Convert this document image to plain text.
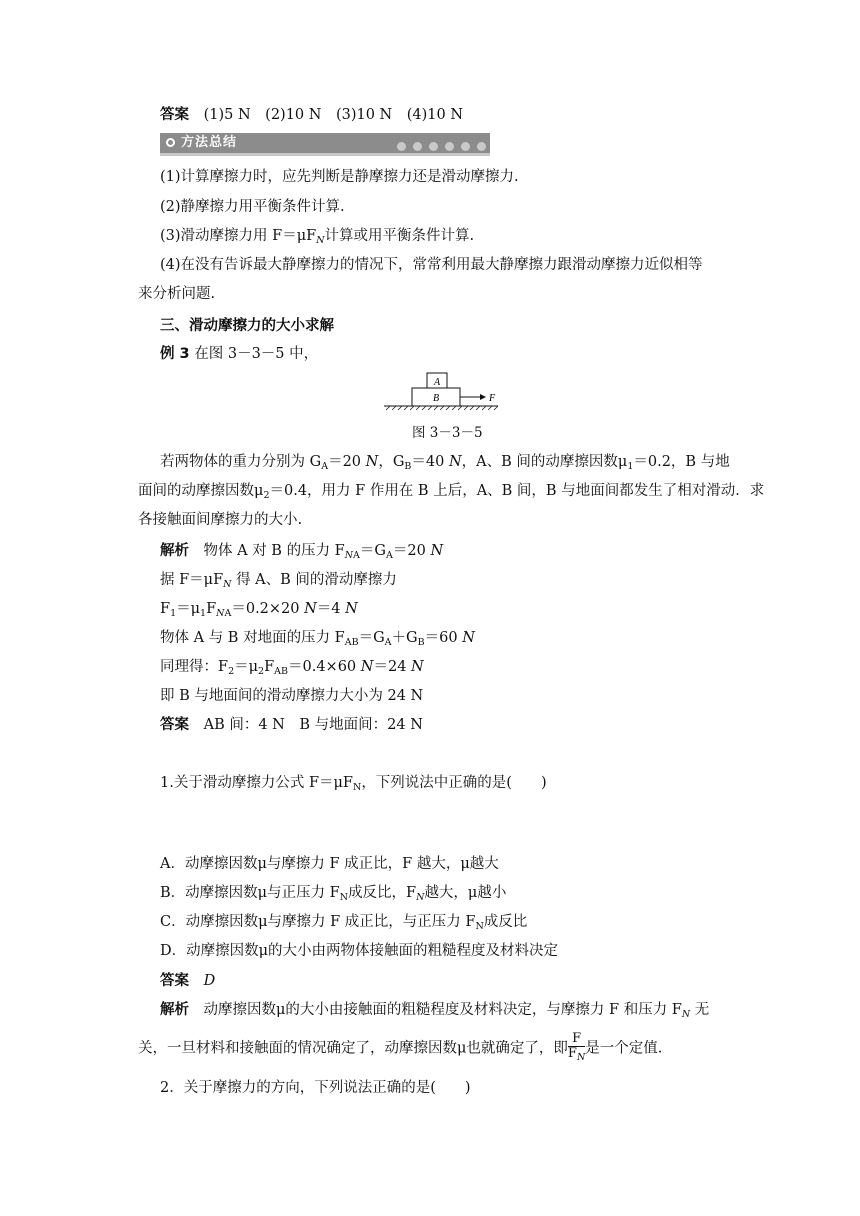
答案 (1)5 N　(2)10 N　(3)10 N　(4)10 N
方法总结
(1)计算摩擦力时，应先判断是静摩擦力还是滑动摩擦力.
(2)静摩擦力用平衡条件计算.
(3)滑动摩擦力用 $F=\mu F_N$计算或用平衡条件计算.
(4)在没有告诉最大静摩擦力的情况下，常常利用最大静摩擦力跟滑动摩擦力近似相等
来分析问题.
三、滑动摩擦力的大小求解
例 3 在图 3－3－5 中，
A
B	F
图 3－3－5
若两物体的重力分别为 $G_A=20$ N，$G_B=40$ N，A、B 间的动摩擦因数$\mu_1=0.2$，B 与地
面间的动摩擦因数$\mu_2=0.4$，用力 F 作用在 B 上后，A、B 间，B 与地面间都发生了相对滑动．求
各接触面间摩擦力的大小.
解析　 物体 A 对 B 的压力 $F_{NA}=G_A=20$ N
据 $F=\mu F_N$ 得 A、B 间的滑动摩擦力
$F_1=\mu_1F_{NA}=0.2\times 20$ N＝4 N
物体 A 与 B 对地面的压力 $F_{AB}=G_A+G_B=60$ N
同理得：$F_2=\mu_2F_{AB}=0.4\times 60$ N＝24 N
即 B 与地面间的滑动摩擦力大小为 24 N
答案 AB 间：4 N　B 与地面间：24 N
1.关于滑动摩擦力公式 $F=\mu F_N$，下列说法中正确的是(　　)
A．动摩擦因数μ与摩擦力 F 成正比，F 越大，μ越大
B．动摩擦因数μ与正压力 $F_N$成反比，$F_N$越大，μ越小
C．动摩擦因数μ与摩擦力 F 成正比，与正压力 $F_N$成反比
D．动摩擦因数μ的大小由两物体接触面的粗糙程度及材料决定
答案 D
解析　 动摩擦因数μ的大小由接触面的粗糙程度及材料决定，与摩擦力 F 和压力 $F_N$ 无
关，一旦材料和接触面的情况确定了，动摩擦因数μ也就确定了，即 $\frac{F}{F_N}$ 是一个定值.
2．关于摩擦力的方向，下列说法正确的是(　　)
